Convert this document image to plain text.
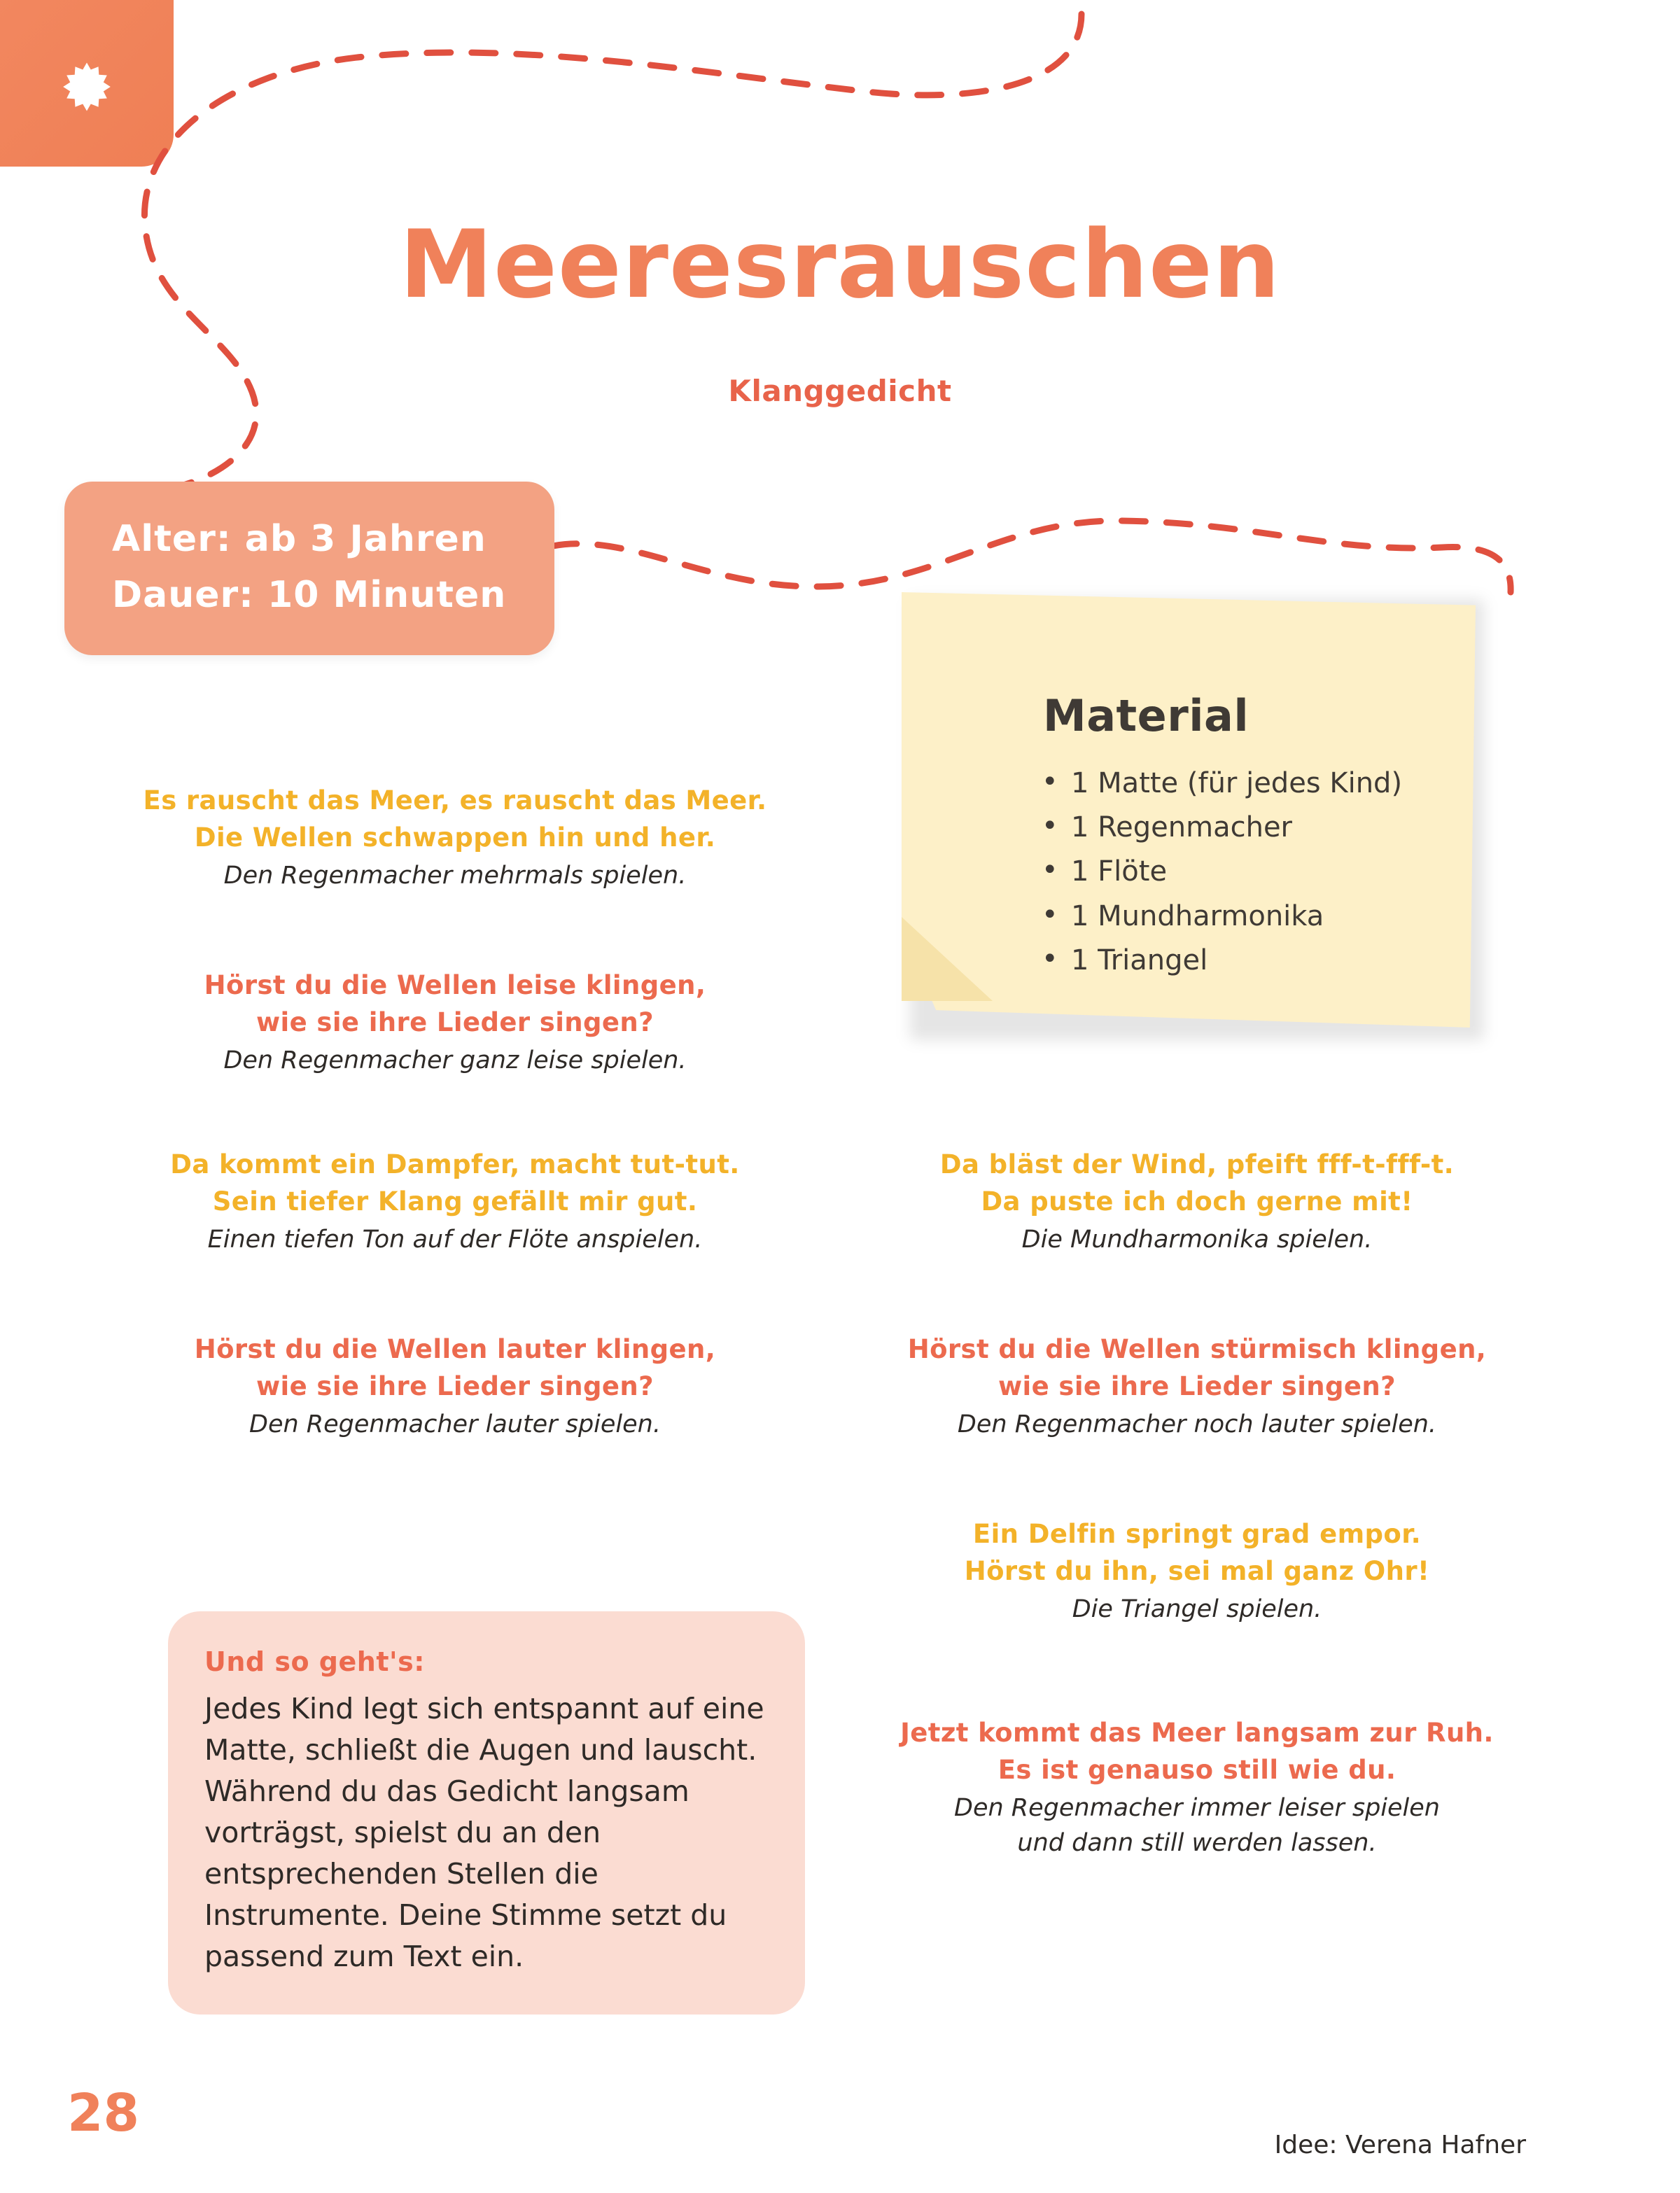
Meeresrauschen
Klanggedicht
Alter: ab 3 Jahren
Dauer: 10 Minuten
Material
• 1 Matte (für jedes Kind)
• 1 Regenmacher
• 1 Flöte
• 1 Mundharmonika
• 1 Triangel
Es rauscht das Meer, es rauscht das Meer.
Die Wellen schwappen hin und her.
Den Regenmacher mehrmals spielen.
Hörst du die Wellen leise klingen,
wie sie ihre Lieder singen?
Den Regenmacher ganz leise spielen.
Da kommt ein Dampfer, macht tut-tut.
Sein tiefer Klang gefällt mir gut.
Einen tiefen Ton auf der Flöte anspielen.
Hörst du die Wellen lauter klingen,
wie sie ihre Lieder singen?
Den Regenmacher lauter spielen.
Da bläst der Wind, pfeift fff-t-fff-t.
Da puste ich doch gerne mit!
Die Mundharmonika spielen.
Hörst du die Wellen stürmisch klingen,
wie sie ihre Lieder singen?
Den Regenmacher noch lauter spielen.
Ein Delfin springt grad empor.
Hörst du ihn, sei mal ganz Ohr!
Die Triangel spielen.
Jetzt kommt das Meer langsam zur Ruh.
Es ist genauso still wie du.
Den Regenmacher immer leiser spielen
und dann still werden lassen.
Und so geht's:
Jedes Kind legt sich entspannt auf eine Matte, schließt die Augen und lauscht. Während du das Gedicht langsam vorträgst, spielst du an den entsprechenden Stellen die Instrumente. Deine Stimme setzt du passend zum Text ein.
28
Idee: Verena Hafner
